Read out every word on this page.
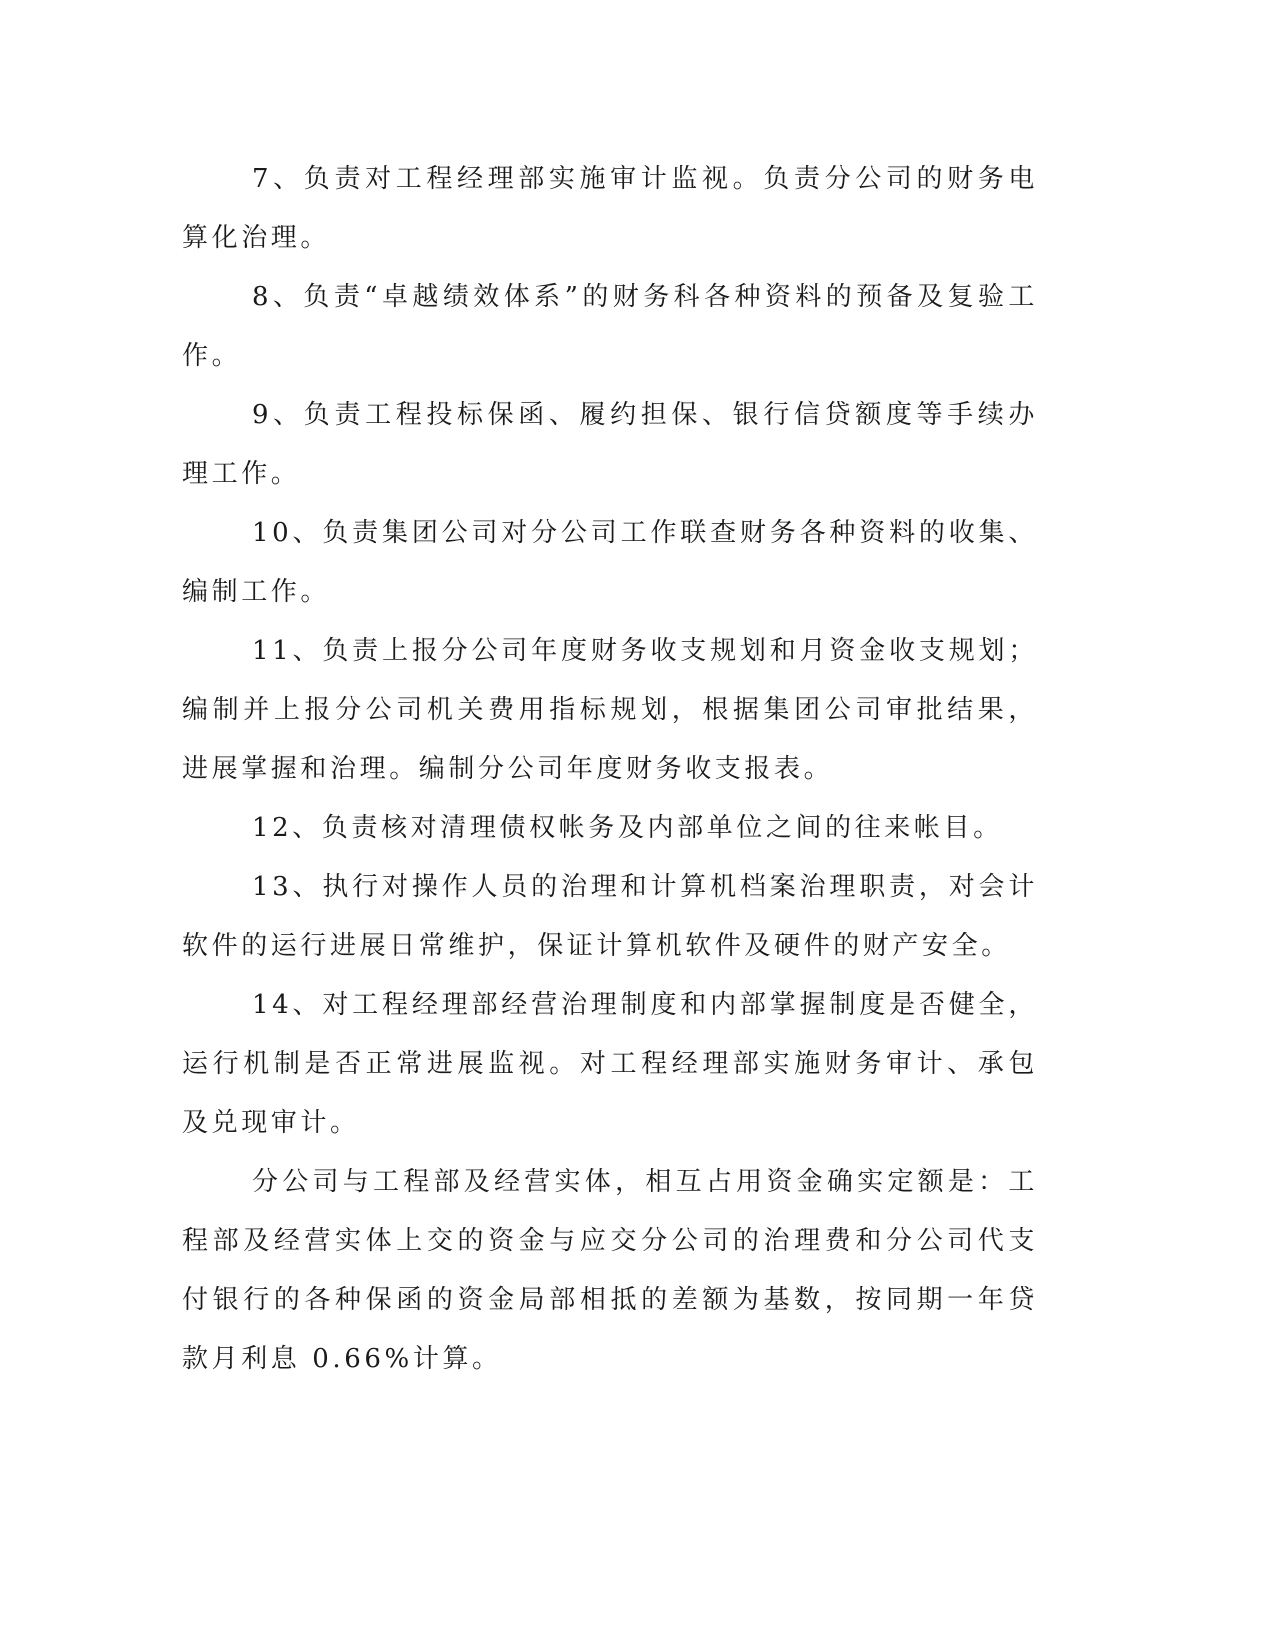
7、负责对工程经理部实施审计监视。负责分公司的财务电算化治理。

8、负责“卓越绩效体系”的财务科各种资料的预备及复验工作。

9、负责工程投标保函、履约担保、银行信贷额度等手续办理工作。

10、负责集团公司对分公司工作联查财务各种资料的收集、编制工作。

11、负责上报分公司年度财务收支规划和月资金收支规划；编制并上报分公司机关费用指标规划，根据集团公司审批结果，进展掌握和治理。编制分公司年度财务收支报表。

12、负责核对清理债权帐务及内部单位之间的往来帐目。

13、执行对操作人员的治理和计算机档案治理职责，对会计软件的运行进展日常维护，保证计算机软件及硬件的财产安全。

14、对工程经理部经营治理制度和内部掌握制度是否健全，运行机制是否正常进展监视。对工程经理部实施财务审计、承包及兑现审计。

分公司与工程部及经营实体，相互占用资金确实定额是：工程部及经营实体上交的资金与应交分公司的治理费和分公司代支付银行的各种保函的资金局部相抵的差额为基数，按同期一年贷款月利息 0.66%计算。
